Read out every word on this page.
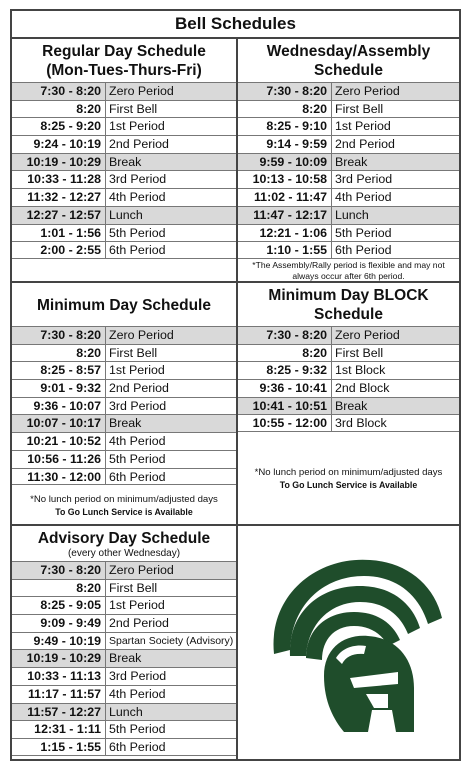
Bell Schedules
Regular Day Schedule
(Mon-Tues-Thurs-Fri)
7:30 - 8:20 Zero Period
8:20 First Bell
8:25 - 9:20 1st Period
9:24 - 10:19 2nd Period
10:19 - 10:29 Break
10:33 - 11:28 3rd Period
11:32 - 12:27 4th Period
12:27 - 12:57 Lunch
1:01 - 1:56 5th Period
2:00 - 2:55 6th Period
Wednesday/Assembly
Schedule
7:30 - 8:20 Zero Period
8:20 First Bell
8:25 - 9:10 1st Period
9:14 - 9:59 2nd Period
9:59 - 10:09 Break
10:13 - 10:58 3rd Period
11:02 - 11:47 4th Period
11:47 - 12:17 Lunch
12:21 - 1:06 5th Period
1:10 - 1:55 6th Period
*The Assembly/Rally period is flexible and may not
always occur after 6th period.
Minimum Day Schedule
7:30 - 8:20 Zero Period
8:20 First Bell
8:25 - 8:57 1st Period
9:01 - 9:32 2nd Period
9:36 - 10:07 3rd Period
10:07 - 10:17 Break
10:21 - 10:52 4th Period
10:56 - 11:26 5th Period
11:30 - 12:00 6th Period
*No lunch period on minimum/adjusted days
To Go Lunch Service is Available
Minimum Day BLOCK
Schedule
7:30 - 8:20 Zero Period
8:20 First Bell
8:25 - 9:32 1st Block
9:36 - 10:41 2nd Block
10:41 - 10:51 Break
10:55 - 12:00 3rd Block
*No lunch period on minimum/adjusted days
To Go Lunch Service is Available
Advisory Day Schedule
(every other Wednesday)
7:30 - 8:20 Zero Period
8:20 First Bell
8:25 - 9:05 1st Period
9:09 - 9:49 2nd Period
9:49 - 10:19 Spartan Society (Advisory)
10:19 - 10:29 Break
10:33 - 11:13 3rd Period
11:17 - 11:57 4th Period
11:57 - 12:27 Lunch
12:31 - 1:11 5th Period
1:15 - 1:55 6th Period
